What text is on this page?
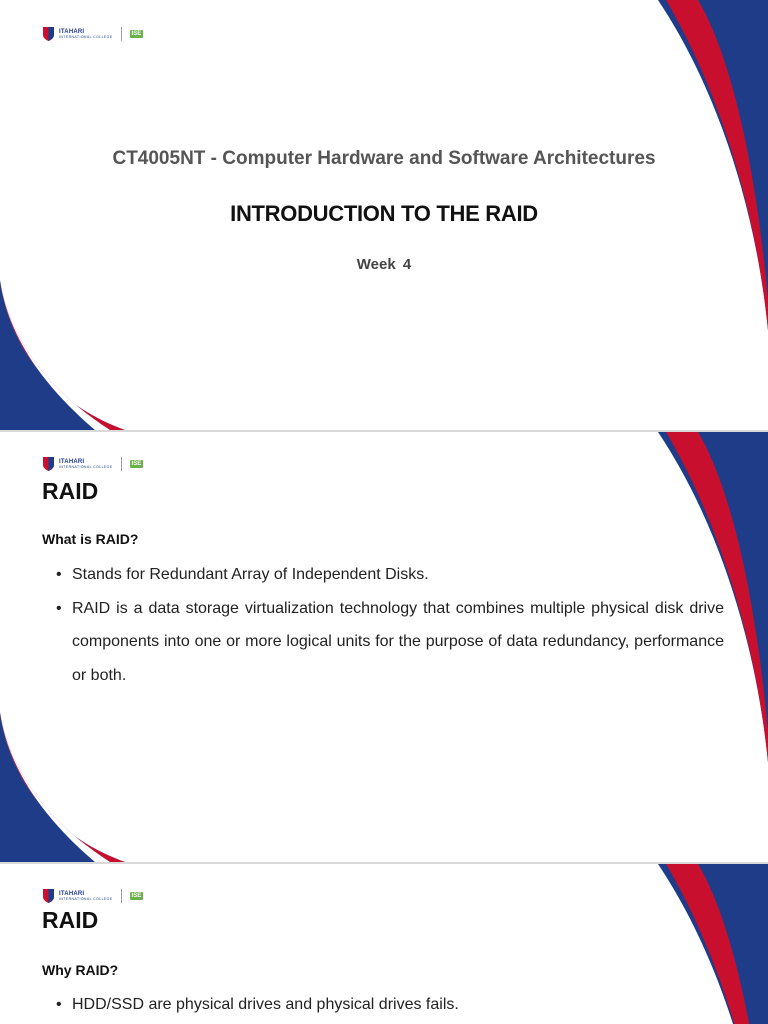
ITAHARI
INTERNATIONAL COLLEGE	ISE
CT4005NT - Computer Hardware and Software Architectures
INTRODUCTION TO THE RAID
Week 4
ITAHARI
INTERNATIONAL COLLEGE	ISE
RAID
What is RAID?
• Stands for Redundant Array of Independent Disks.
• RAID is a data storage virtualization technology that combines multiple physical disk drive components into one or more logical units for the purpose of data redundancy, performance or both.
ITAHARI
INTERNATIONAL COLLEGE	ISE
RAID
Why RAID?
• HDD/SSD are physical drives and physical drives fails.
